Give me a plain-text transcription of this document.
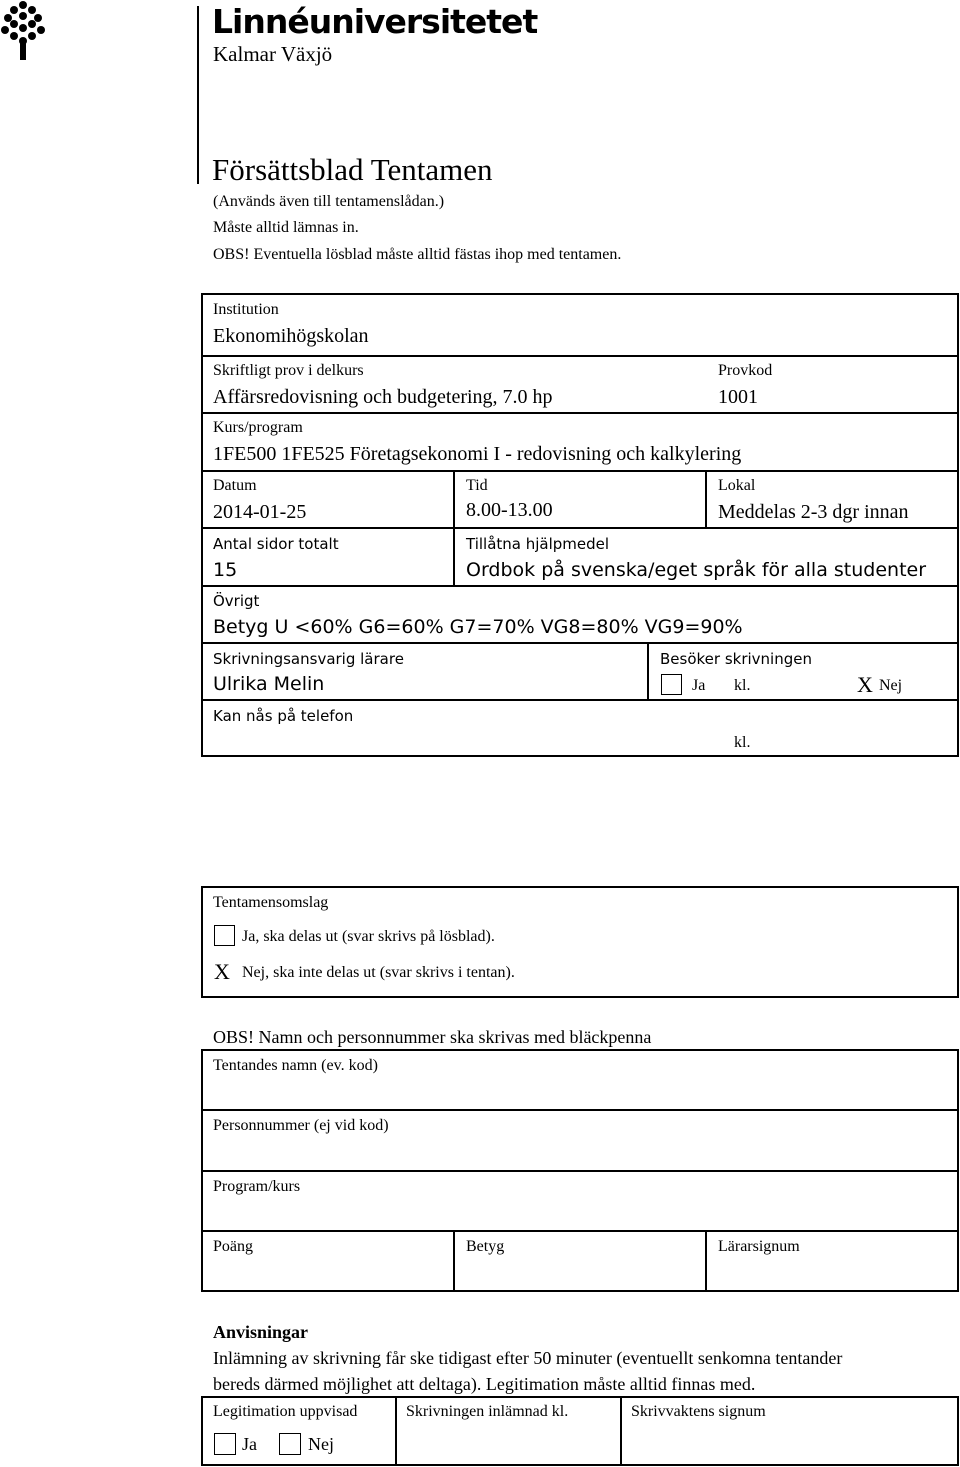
Linnéuniversitetet
Kalmar Växjö
Försättsblad Tentamen
(Används även till tentamenslådan.)
Måste alltid lämnas in.
OBS! Eventuella lösblad måste alltid fästas ihop med tentamen.
Institution
Ekonomihögskolan
Skriftligt prov i delkurs
Affärsredovisning och budgetering, 7.0 hp
Provkod
1001
Kurs/program
1FE500 1FE525 Företagsekonomi I - redovisning och kalkylering
Datum
2014-01-25
Tid
8.00-13.00
Lokal
Meddelas 2-3 dgr innan
Antal sidor totalt
15
Tillåtna hjälpmedel
Ordbok på svenska/eget språk för alla studenter
Övrigt
Betyg U <60% G6=60% G7=70% VG8=80% VG9=90%
Skrivningsansvarig lärare
Ulrika Melin
Besöker skrivningen
Ja kl.	X Nej
Kan nås på telefon
kl.
Tentamensomslag
Ja, ska delas ut (svar skrivs på lösblad).
X Nej, ska inte delas ut (svar skrivs i tentan).
OBS! Namn och personnummer ska skrivas med bläckpenna
Tentandes namn (ev. kod)
Personnummer (ej vid kod)
Program/kurs
Poäng	Betyg	Lärarsignum
Anvisningar
Inlämning av skrivning får ske tidigast efter 50 minuter (eventuellt senkomna tentander
bereds därmed möjlighet att deltaga). Legitimation måste alltid finnas med.
Legitimation uppvisad
Ja	Nej
Skrivningen inlämnad kl.	Skrivvaktens signum
